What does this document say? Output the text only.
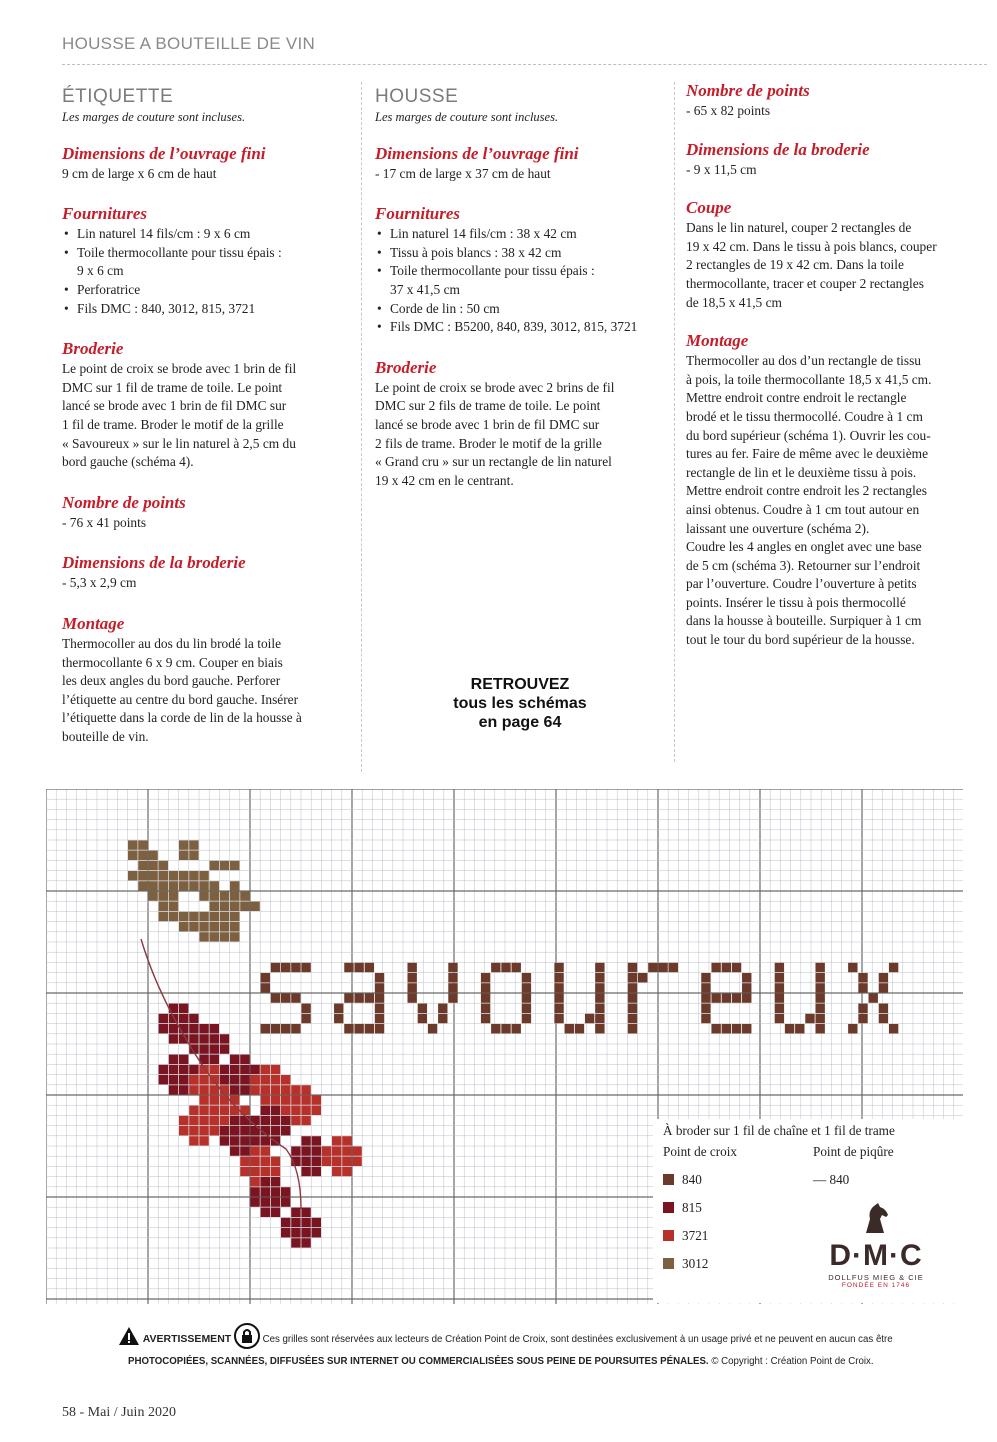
HOUSSE A BOUTEILLE DE VIN
ÉTIQUETTE
Les marges de couture sont incluses.
Dimensions de l’ouvrage fini
9 cm de large x 6 cm de haut
Fournitures
• Lin naturel 14 fils/cm : 9 x 6 cm
• Toile thermocollante pour tissu épais :
9 x 6 cm
• Perforatrice
• Fils DMC : 840, 3012, 815, 3721
Broderie
Le point de croix se brode avec 1 brin de fil
DMC sur 1 fil de trame de toile. Le point
lancé se brode avec 1 brin de fil DMC sur
1 fil de trame. Broder le motif de la grille
« Savoureux » sur le lin naturel à 2,5 cm du
bord gauche (schéma 4).
Nombre de points
- 76 x 41 points
Dimensions de la broderie
- 5,3 x 2,9 cm
Montage
Thermocoller au dos du lin brodé la toile
thermocollante 6 x 9 cm. Couper en biais
les deux angles du bord gauche. Perforer
l’étiquette au centre du bord gauche. Insérer
l’étiquette dans la corde de lin de la housse à
bouteille de vin.
HOUSSE
Les marges de couture sont incluses.
Dimensions de l’ouvrage fini
- 17 cm de large x 37 cm de haut
Fournitures
• Lin naturel 14 fils/cm : 38 x 42 cm
• Tissu à pois blancs : 38 x 42 cm
• Toile thermocollante pour tissu épais :
37 x 41,5 cm
• Corde de lin : 50 cm
• Fils DMC : B5200, 840, 839, 3012, 815, 3721
Broderie
Le point de croix se brode avec 2 brins de fil
DMC sur 2 fils de trame de toile. Le point
lancé se brode avec 1 brin de fil DMC sur
2 fils de trame. Broder le motif de la grille
« Grand cru » sur un rectangle de lin naturel
19 x 42 cm en le centrant.
Nombre de points
- 65 x 82 points
Dimensions de la broderie
- 9 x 11,5 cm
Coupe
Dans le lin naturel, couper 2 rectangles de
19 x 42 cm. Dans le tissu à pois blancs, couper
2 rectangles de 19 x 42 cm. Dans la toile
thermocollante, tracer et couper 2 rectangles
de 18,5 x 41,5 cm
Montage
Thermocoller au dos d’un rectangle de tissu
à pois, la toile thermocollante 18,5 x 41,5 cm.
Mettre endroit contre endroit le rectangle
brodé et le tissu thermocollé. Coudre à 1 cm
du bord supérieur (schéma 1). Ouvrir les cou-
tures au fer. Faire de même avec le deuxième
rectangle de lin et le deuxième tissu à pois.
Mettre endroit contre endroit les 2 rectangles
ainsi obtenus. Coudre à 1 cm tout autour en
laissant une ouverture (schéma 2).
Coudre les 4 angles en onglet avec une base
de 5 cm (schéma 3). Retourner sur l’endroit
par l’ouverture. Coudre l’ouverture à petits
points. Insérer le tissu à pois thermocollé
dans la housse à bouteille. Surpiquer à 1 cm
tout le tour du bord supérieur de la housse.
RETROUVEZ
tous les schémas
en page 64
À broder sur 1 fil de chaîne et 1 fil de trame
Point de croix	Point de piqûre
840
815
3721
3012
— 840
D·M·C
DOLLFUS MIEG & CIE
FONDÉE EN 1746
AVERTISSEMENT	Ces grilles sont réservées aux lecteurs de Création Point de Croix, sont destinées exclusivement à un usage privé et ne peuvent en aucun cas être
PHOTOCOPIÉES, SCANNÉES, DIFFUSÉES SUR INTERNET OU COMMERCIALISÉES SOUS PEINE DE POURSUITES PÉNALES. © Copyright : Création Point de Croix.
58 - Mai / Juin 2020
